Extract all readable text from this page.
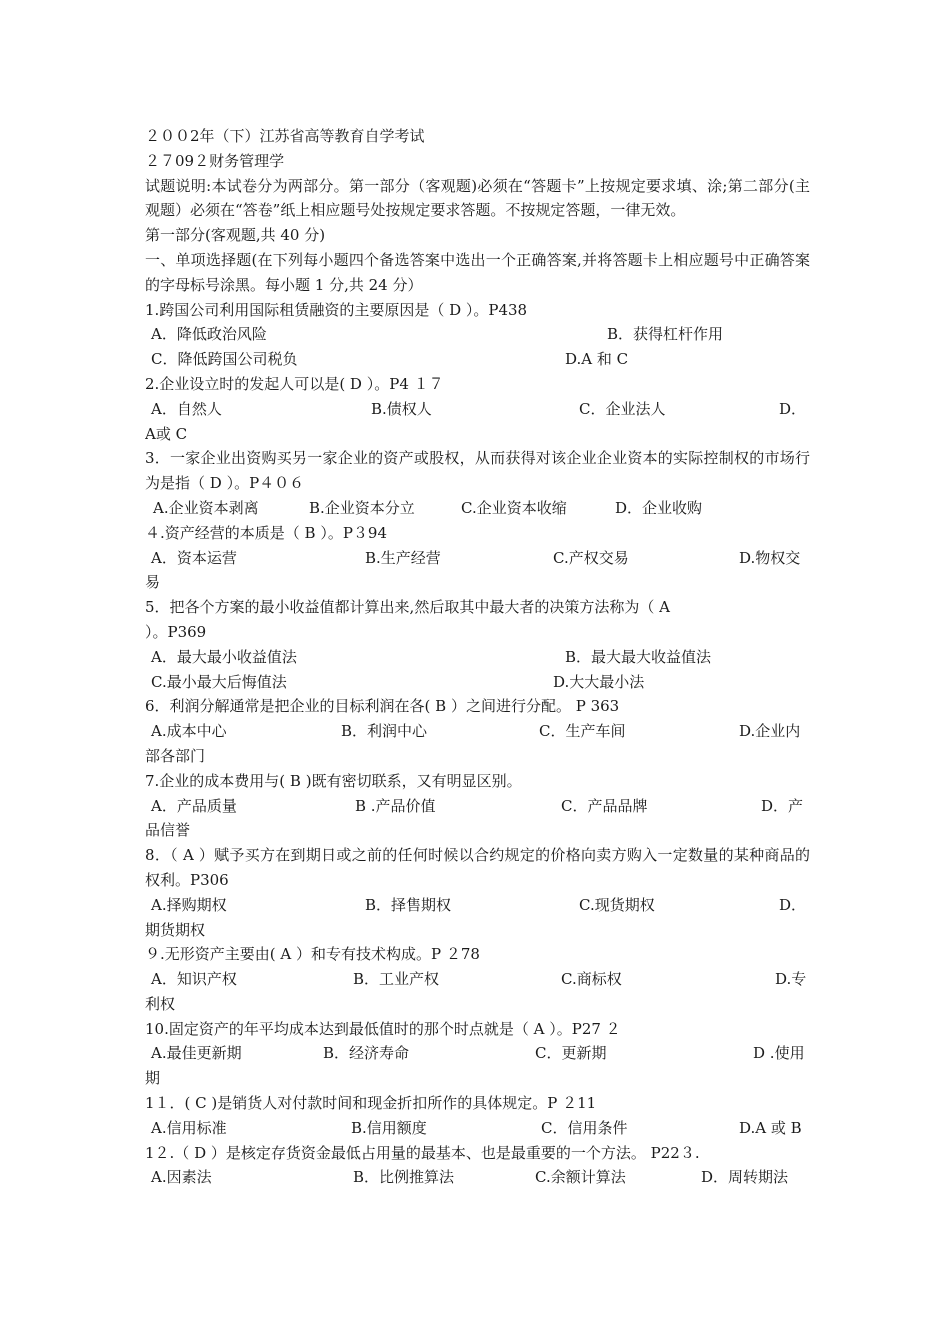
２００2年（下）江苏省高等教育自学考试
２７09２财务管理学
试题说明:本试卷分为两部分。第一部分（客观题)必须在“答题卡”上按规定要求填、涂;第二部分(主观题）必须在“答卷”纸上相应题号处按规定要求答题。不按规定答题，一律无效。
第一部分(客观题,共 40 分)
一、单项选择题(在下列每小题四个备选答案中选出一个正确答案,并将答题卡上相应题号中正确答案的字母标号涂黑。每小题 1 分,共 24 分）
1.跨国公司利用国际租赁融资的主要原因是（ D ）。P438
A．降低政治风险	B．获得杠杆作用
C．降低跨国公司税负	D.A 和 C
2.企业设立时的发起人可以是( D ）。P4 １７
A．自然人	B.债权人	C．企业法人	D．
A或 C
3．一家企业出资购买另一家企业的资产或股权，从而获得对该企业企业资本的实际控制权的市场行为是指（ D ）。P４０６
A.企业资本剥离	B.企业资本分立	C.企业资本收缩	D．企业收购
４.资产经营的本质是（ B ）。P３94
A．资本运营	B.生产经营	C.产权交易	D.物权交
易
5．把各个方案的最小收益值都计算出来,然后取其中最大者的决策方法称为（ A
）。P369
A．最大最小收益值法	B．最大最大收益值法
C.最小最大后悔值法	D.大大最小法
6．利润分解通常是把企业的目标利润在各( B ）之间进行分配。 P 363
A.成本中心	B．利润中心	C．生产车间	D.企业内
部各部门
7.企业的成本费用与( B )既有密切联系，又有明显区别。
A．产品质量	B .产品价值	C．产品品牌	D．产
品信誉
8．（ A ）赋予买方在到期日或之前的任何时候以合约规定的价格向卖方购入一定数量的某种商品的权利。P306
A.择购期权	B．择售期权	C.现货期权	D．
期货期权
９.无形资产主要由( A ）和专有技术构成。P ２78
A．知识产权	B．工业产权	C.商标权	D.专
利权
10.固定资产的年平均成本达到最低值时的那个时点就是（ A ）。P27 ２
A.最佳更新期	B．经济寿命	C．更新期	D .使用
期
1１．( C )是销货人对付款时间和现金折扣所作的具体规定。P ２11
A.信用标准	B.信用额度	C．信用条件	D.A 或 B
1２.（ D ）是核定存货资金最低占用量的最基本、也是最重要的一个方法。 P22３.
A.因素法	B．比例推算法	C.余额计算法	D．周转期法
